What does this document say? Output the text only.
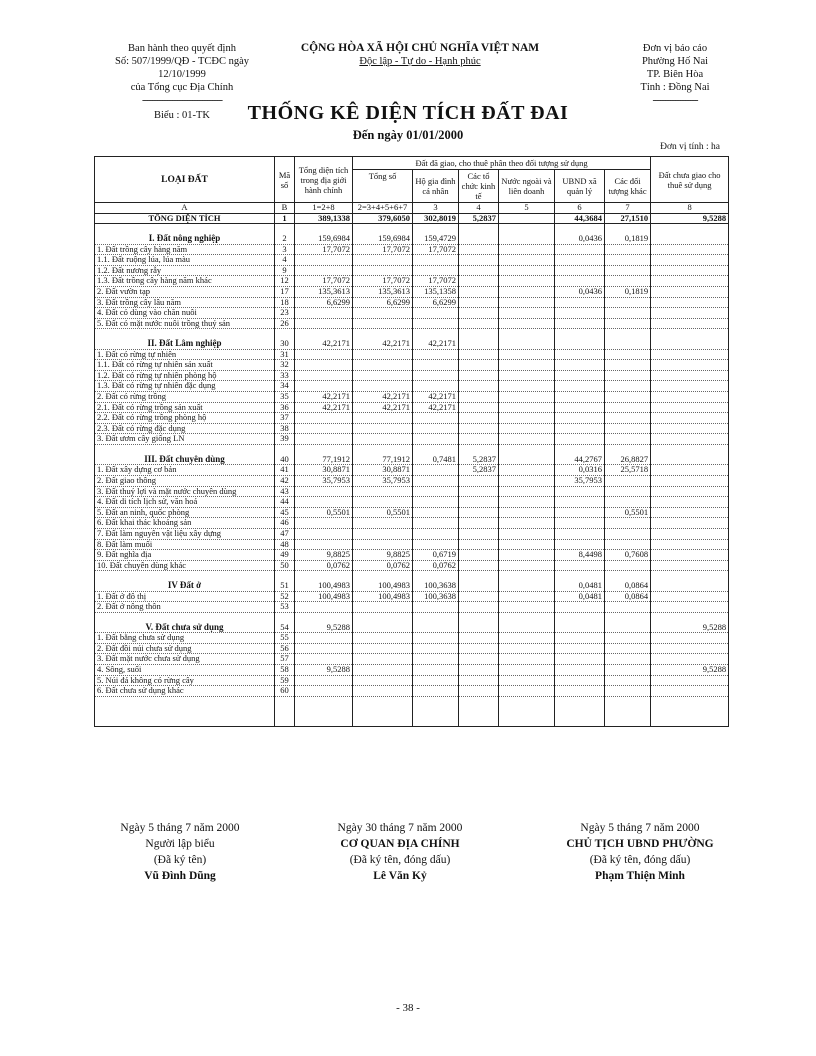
Ban hành theo quyết định
Số: 507/1999/QĐ - TCĐC ngày 12/10/1999
của Tổng cục Địa Chính
--------------------------------
Biểu : 01-TK
CỘNG HÒA XÃ HỘI CHỦ NGHĨA VIỆT NAM
Độc lập - Tự do - Hạnh phúc
Đơn vị báo cáo
Phường Hố Nai
TP. Biên Hòa
Tỉnh : Đồng Nai
------------------
THỐNG KÊ DIỆN TÍCH ĐẤT ĐAI
Đến ngày 01/01/2000
Đơn vị tính : ha
LOẠI ĐẤT	Mã số	Tổng diện tích trong địa giới hành chính	Đất đã giao, cho thuê phân theo đối tượng sử dụng						Đất chưa giao cho thuê sử dụng
			Tổng số	Hộ gia đình cá nhân	Các tổ chức kinh tế	Nước ngoài và liên doanh	UBND xã quản lý	Các đối tượng khác	
A	B	1=2+8	2=3+4+5+6+7	3	4	5	6	7	8
TỔNG DIỆN TÍCH	1	389,1338	379,6050	302,8019	5,2837		44,3684	27,1510	9,5288

I. Đất nông nghiệp	2	159,6984	159,6984	159,4729			0,0436	0,1819	
1. Đất trồng cây hàng năm	3	17,7072	17,7072	17,7072					
1.1. Đất ruộng lúa, lúa màu	4								
1.2. Đất nương rẫy	9								
1.3. Đất trồng cây hàng năm khác	12	17,7072	17,7072	17,7072					
2. Đất vườn tạp	17	135,3613	135,3613	135,1358			0,0436	0,1819	
3. Đất trồng cây lâu năm	18	6,6299	6,6299	6,6299					
4. Đất cỏ dùng vào chăn nuôi	23								
5. Đất có mặt nước nuôi trồng thuỷ sản	26								

II. Đất Lâm nghiệp	30	42,2171	42,2171	42,2171					
1. Đất có rừng tự nhiên	31								
1.1. Đất có rừng tự nhiên sản xuất	32								
1.2. Đất có rừng tự nhiên phòng hộ	33								
1.3. Đất có rừng tự nhiên đặc dụng	34								
2. Đất có rừng trồng	35	42,2171	42,2171	42,2171					
2.1. Đất có rừng trồng sản xuất	36	42,2171	42,2171	42,2171					
2.2. Đất có rừng trồng phòng hộ	37								
2.3. Đất có rừng đặc dụng	38								
3. Đất ươm cây giống LN	39								

III. Đất chuyên dùng	40	77,1912	77,1912	0,7481	5,2837		44,2767	26,8827	
1. Đất xây dựng cơ bản	41	30,8871	30,8871		5,2837		0,0316	25,5718	
2. Đất giao thông	42	35,7953	35,7953				35,7953		
3. Đất thuỷ lợi và mặt nước chuyên dùng	43								
4. Đất di tích lịch sử, văn hoá	44								
5. Đất an ninh, quốc phòng	45	0,5501	0,5501					0,5501	
6. Đất khai thác khoáng sản	46								
7. Đất làm nguyên vật liệu xây dựng	47								
8. Đất làm muối	48								
9. Đất nghĩa địa	49	9,8825	9,8825	0,6719			8,4498	0,7608	
10. Đất chuyên dùng khác	50	0,0762	0,0762	0,0762					

IV Đất ở	51	100,4983	100,4983	100,3638			0,0481	0,0864	
1. Đất ở đô thị	52	100,4983	100,4983	100,3638			0,0481	0,0864	
2. Đất ở nông thôn	53								

V. Đất chưa sử dụng	54	9,5288							9,5288
1. Đất bằng chưa sử dụng	55								
2. Đất đồi núi chưa sử dụng	56								
3. Đất mặt nước chưa sử dụng	57								
4. Sông, suối	58	9,5288							9,5288
5. Núi đá không có rừng cây	59								
6. Đất chưa sử dụng khác	60								

Ngày 5 tháng 7 năm 2000
Người lập biểu
(Đã ký tên)
Vũ Đình Dũng
Ngày 30 tháng 7 năm 2000
CƠ QUAN ĐỊA CHÍNH
(Đã ký tên, đóng dấu)
Lê Văn Kỷ
Ngày 5 tháng 7 năm 2000
CHỦ TỊCH UBND PHƯỜNG
(Đã ký tên, đóng dấu)
Phạm Thiện Minh
- 38 -
